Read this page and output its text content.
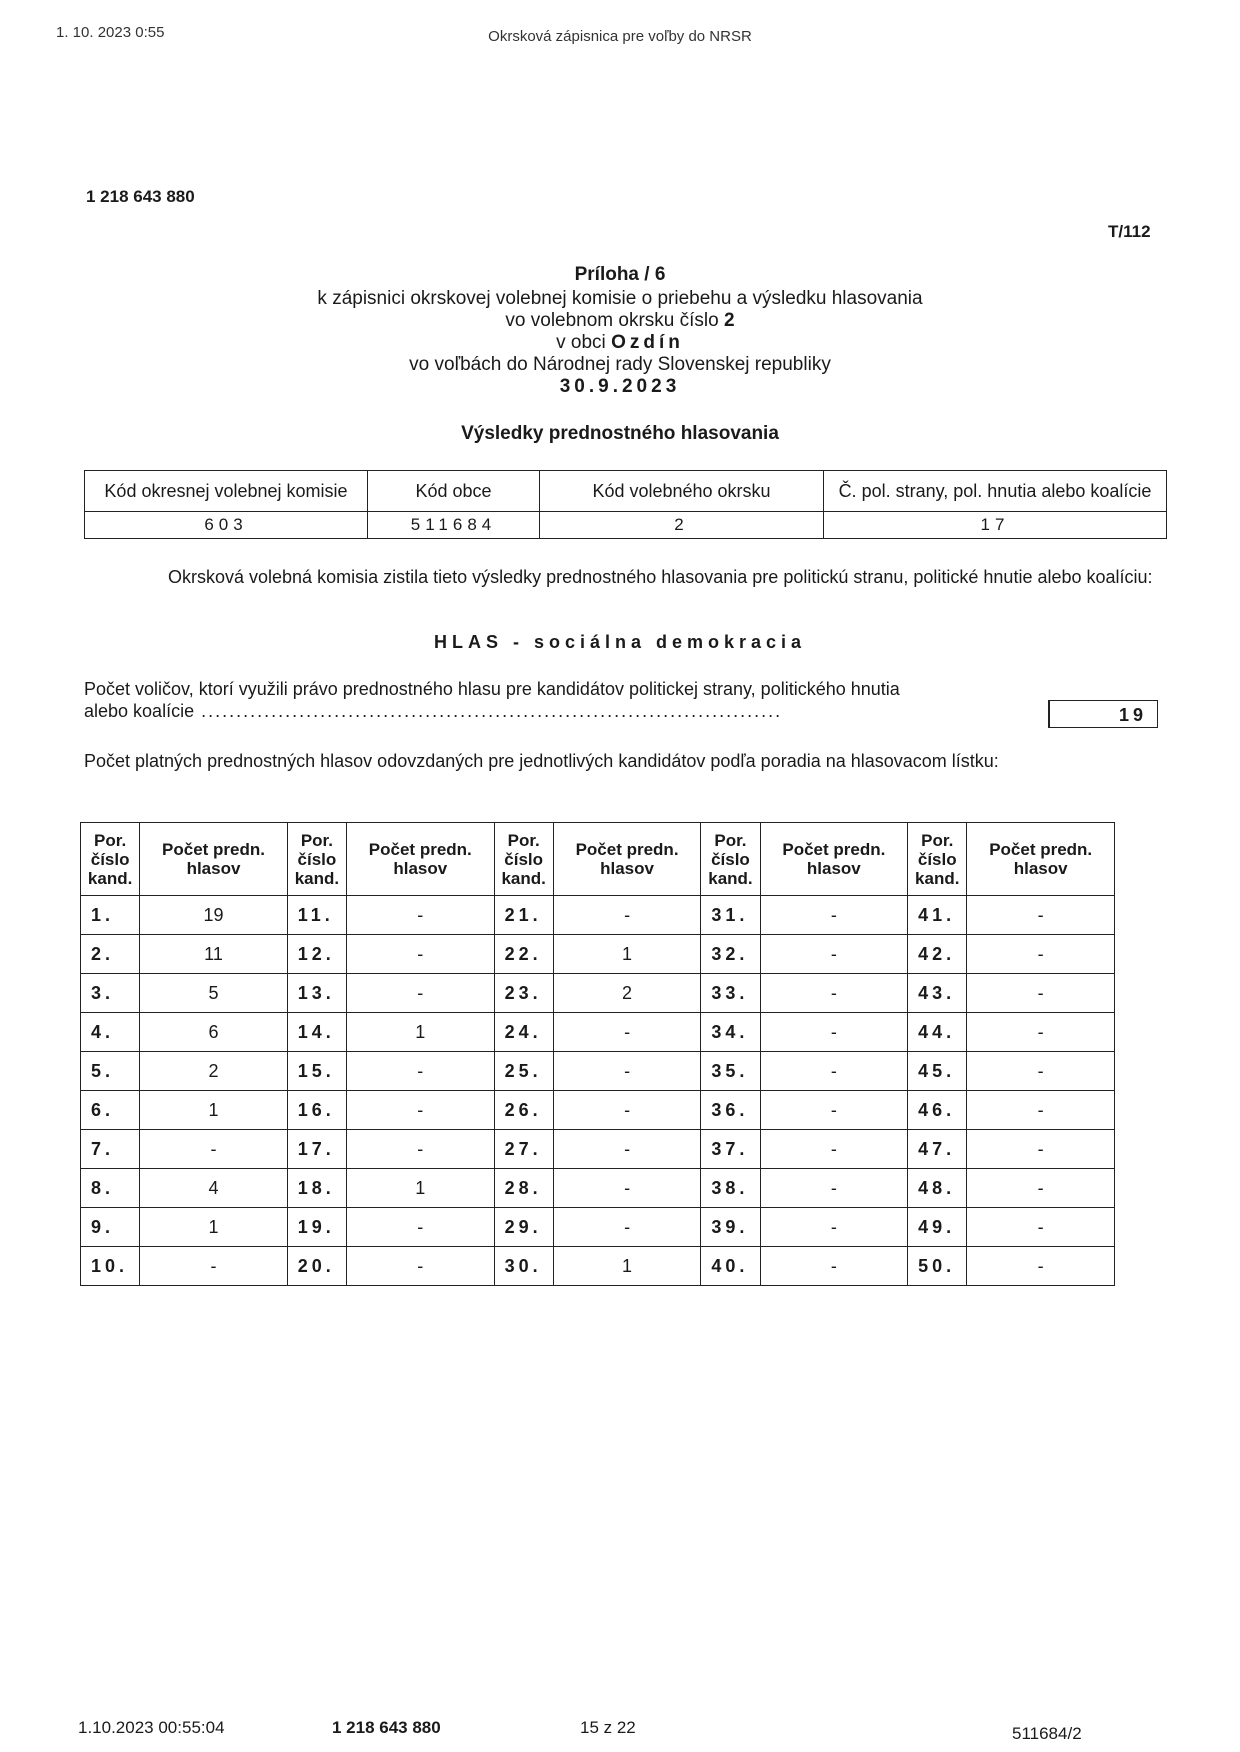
1. 10. 2023 0:55	Okrsková zápisnica pre voľby do NRSR
1 218 643 880
T/112
Príloha / 6
k zápisnici okrskovej volebnej komisie o priebehu a výsledku hlasovania
vo volebnom okrsku číslo 2
v obci Ozdín
vo voľbách do Národnej rady Slovenskej republiky
30.9.2023
Výsledky prednostného hlasovania
Kód okresnej volebnej komisie	Kód obce	Kód volebného okrsku	Č. pol. strany, pol. hnutia alebo koalície
603	511684	2	17
Okrsková volebná komisia zistila tieto výsledky prednostného hlasovania pre politickú stranu, politické hnutie alebo koalíciu:
HLAS - sociálna demokracia
Počet voličov, ktorí využili právo prednostného hlasu pre kandidátov politickej strany, politického hnutia
alebo koalície ...................................................................................	19
Počet platných prednostných hlasov odovzdaných pre jednotlivých kandidátov podľa poradia na hlasovacom lístku:
Por. číslo kand.	Počet predn. hlasov	Por. číslo kand.	Počet predn. hlasov	Por. číslo kand.	Počet predn. hlasov	Por. číslo kand.	Počet predn. hlasov	Por. číslo kand.	Počet predn. hlasov
1.	19	11.	-	21.	-	31.	-	41.	-
2.	11	12.	-	22.	1	32.	-	42.	-
3.	5	13.	-	23.	2	33.	-	43.	-
4.	6	14.	1	24.	-	34.	-	44.	-
5.	2	15.	-	25.	-	35.	-	45.	-
6.	1	16.	-	26.	-	36.	-	46.	-
7.	-	17.	-	27.	-	37.	-	47.	-
8.	4	18.	1	28.	-	38.	-	48.	-
9.	1	19.	-	29.	-	39.	-	49.	-
10.	-	20.	-	30.	1	40.	-	50.	-
1.10.2023 00:55:04	1 218 643 880	15 z 22	511684/2
